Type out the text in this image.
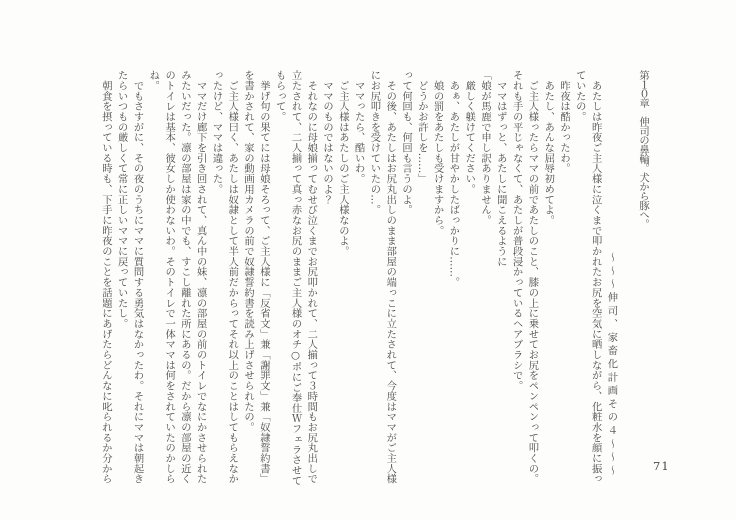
第１０章　伸司の鼻輪。犬から豚へ。
～～～伸司、家畜化計画その４～～～
　あたしは昨夜ご主人様に泣くまで叩かれたお尻を空気に晒しながら、化粧水を顔に振っ
ていたの。
　昨夜は酷かったわ。
　あたし、あんな屈辱初めてよ。
　ご主人様ったらママの前であたしのこと、膝の上に乗せてお尻をペンペンって叩くの。
それも手の平じゃなくて、あたしが普段浸かっているヘアブラシで。
　ママはずっと、あたしに聞こえるように
「娘が馬鹿で申し訳ありません。
　厳しく躾けてください。
　あぁ、あたしが甘やかしたばっかりに……。
　娘の罰をあたしも受けますから。
　どうかお許しを……」
って何回も、何回も言うのよ。
　その後、あたしはお尻丸出しのまま部屋の端っこに立たされて、今度はママがご主人様
にお尻叩きを受けていたの…。
　ママったら、酷いわ。
　ご主人様はあたしのご主人様なのよ。
　ママのものではないのよ？
　それなのに母娘揃ってむせび泣くまでお尻叩かれて、二人揃って３時間もお尻丸出しで
立たされて、二人揃って真っ赤なお尻のままご主人様のオチ○ポにご奉仕Ｗフェラさせて
もらって。
　挙げ句の果てには母娘そろって、ご主人様に「反省文」兼「謝罪文」兼「奴隷誓約書」
を書かされて、家の動画用カメラの前で奴隷誓約書を読み上げさせられたの。
　ご主人様曰く、あたしは奴隷として半人前だからってそれ以上のことはしてもらえなか
ったけど、ママは違った。
　ママだけ廊下を引き回されて、真ん中の妹、凛の部屋の前のトイレでなにかさせられた
みたいだった。凛の部屋は家の中でも、すこし離れた所にあるの。だから凛の部屋の近く
のトイレは基本、彼女しか使わないわ。そのトイレで一体ママは何をされていたのかしら
ね。
　でもさすがに、その夜のうちにママに質問する勇気はなかったわ。それにママは朝起き
たらいつもの厳しくて常に正しいママに戻っていたし。
　朝食を摂っている時も、下手に昨夜のことを話題にあげたらどんなに叱られるか分から	71
